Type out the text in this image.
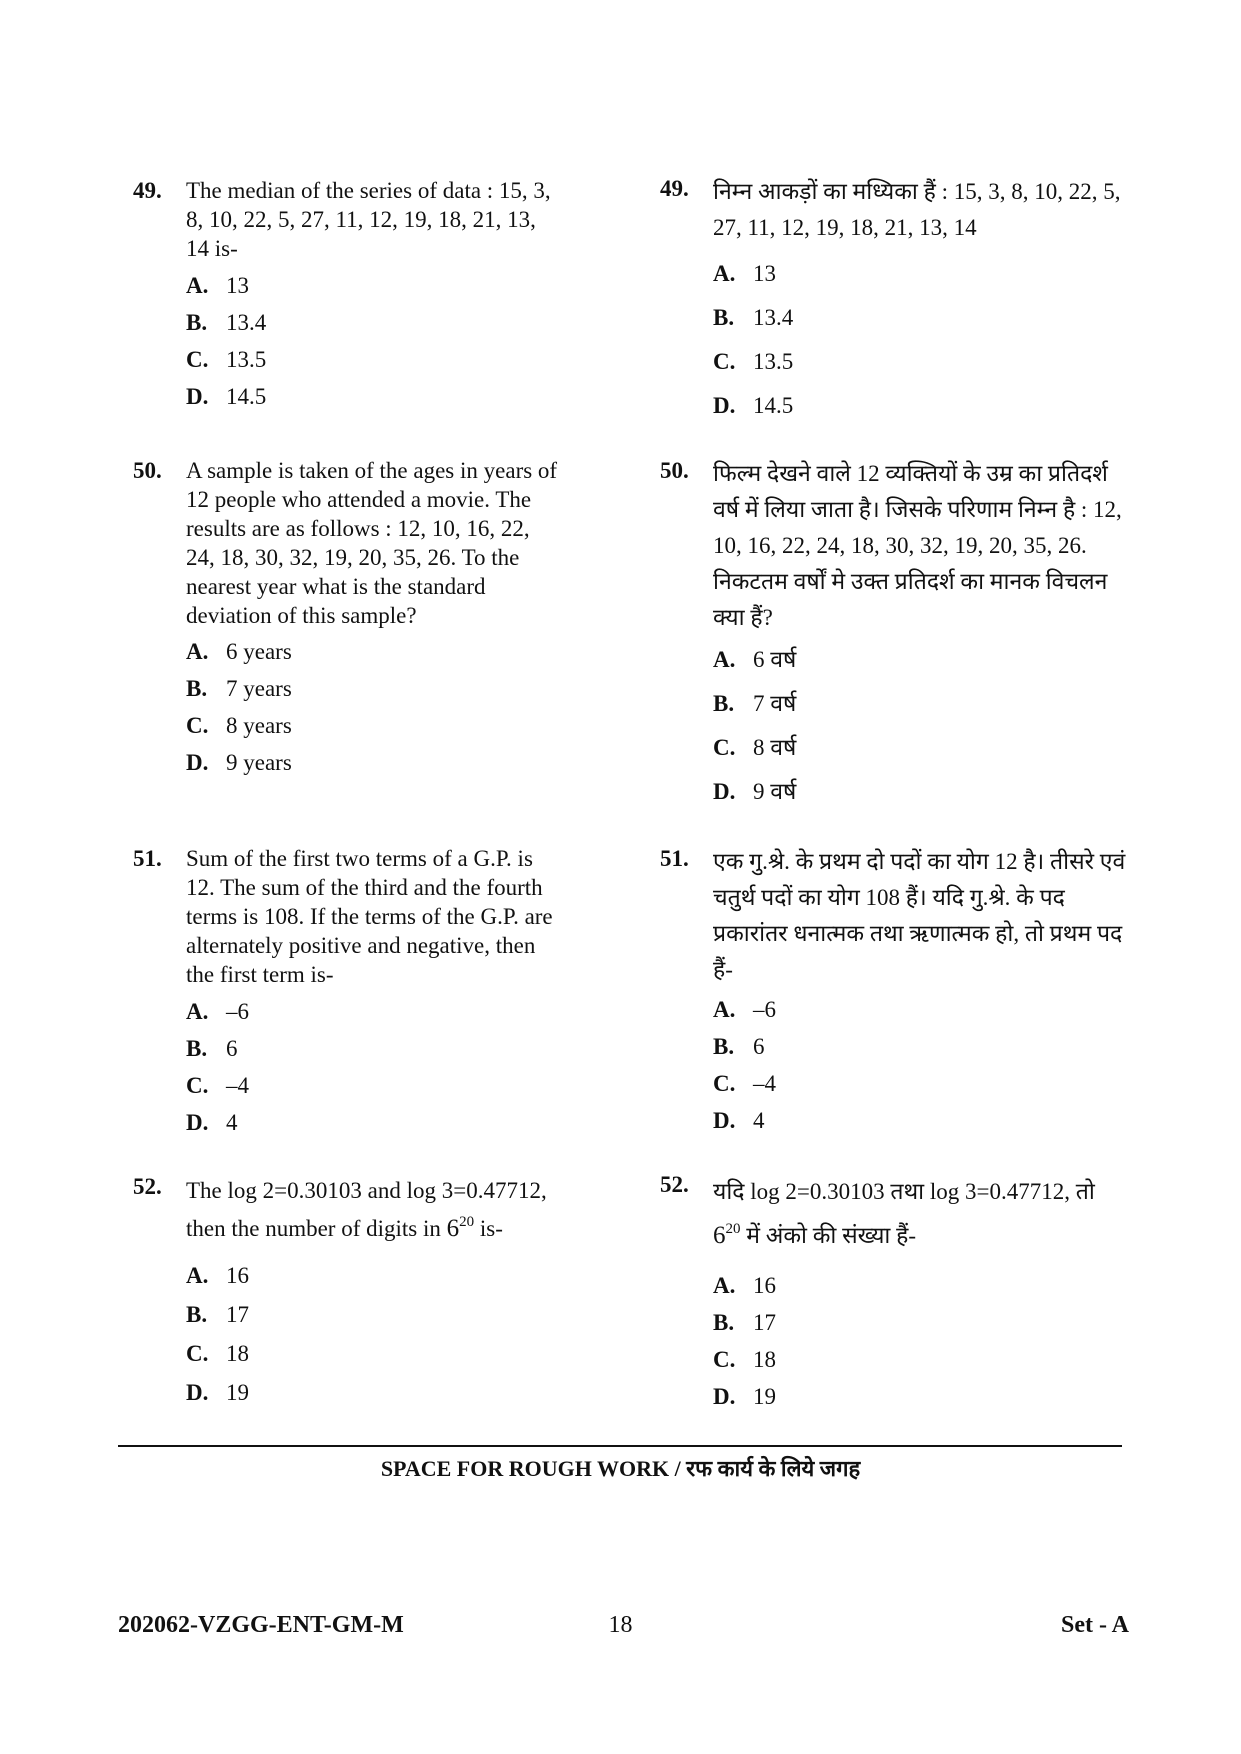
49. The median of the series of data : 15, 3, 8, 10, 22, 5, 27, 11, 12, 19, 18, 21, 13, 14 is-
A. 13
B. 13.4
C. 13.5
D. 14.5
50. A sample is taken of the ages in years of 12 people who attended a movie. The results are as follows : 12, 10, 16, 22, 24, 18, 30, 32, 19, 20, 35, 26. To the nearest year what is the standard deviation of this sample?
A. 6 years
B. 7 years
C. 8 years
D. 9 years
51. Sum of the first two terms of a G.P. is 12. The sum of the third and the fourth terms is 108. If the terms of the G.P. are alternately positive and negative, then the first term is-
A. –6
B. 6
C. –4
D. 4
52. The log 2=0.30103 and log 3=0.47712, then the number of digits in $6^{20}$ is-
A. 16
B. 17
C. 18
D. 19
49. निम्न आकड़ों का मध्यिका हैं : 15, 3, 8, 10, 22, 5, 27, 11, 12, 19, 18, 21, 13, 14
A. 13
B. 13.4
C. 13.5
D. 14.5
50. फिल्म देखने वाले 12 व्यक्तियों के उम्र का प्रतिदर्श वर्ष में लिया जाता है। जिसके परिणाम निम्न है : 12, 10, 16, 22, 24, 18, 30, 32, 19, 20, 35, 26. निकटतम वर्षों मे उक्त प्रतिदर्श का मानक विचलन क्या हैं?
A. 6 वर्ष
B. 7 वर्ष
C. 8 वर्ष
D. 9 वर्ष
51. एक गु.श्रे. के प्रथम दो पदों का योग 12 है। तीसरे एवं चतुर्थ पदों का योग 108 हैं। यदि गु.श्रे. के पद प्रकारांतर धनात्मक तथा ऋणात्मक हो, तो प्रथम पद हैं-
A. –6
B. 6
C. –4
D. 4
52. यदि log 2=0.30103 तथा log 3=0.47712, तो
$6^{20}$ में अंको की संख्या हैं-
A. 16
B. 17
C. 18
D. 19
SPACE FOR ROUGH WORK / रफ कार्य के लिये जगह
202062-VZGG-ENT-GM-M	18	Set - A
